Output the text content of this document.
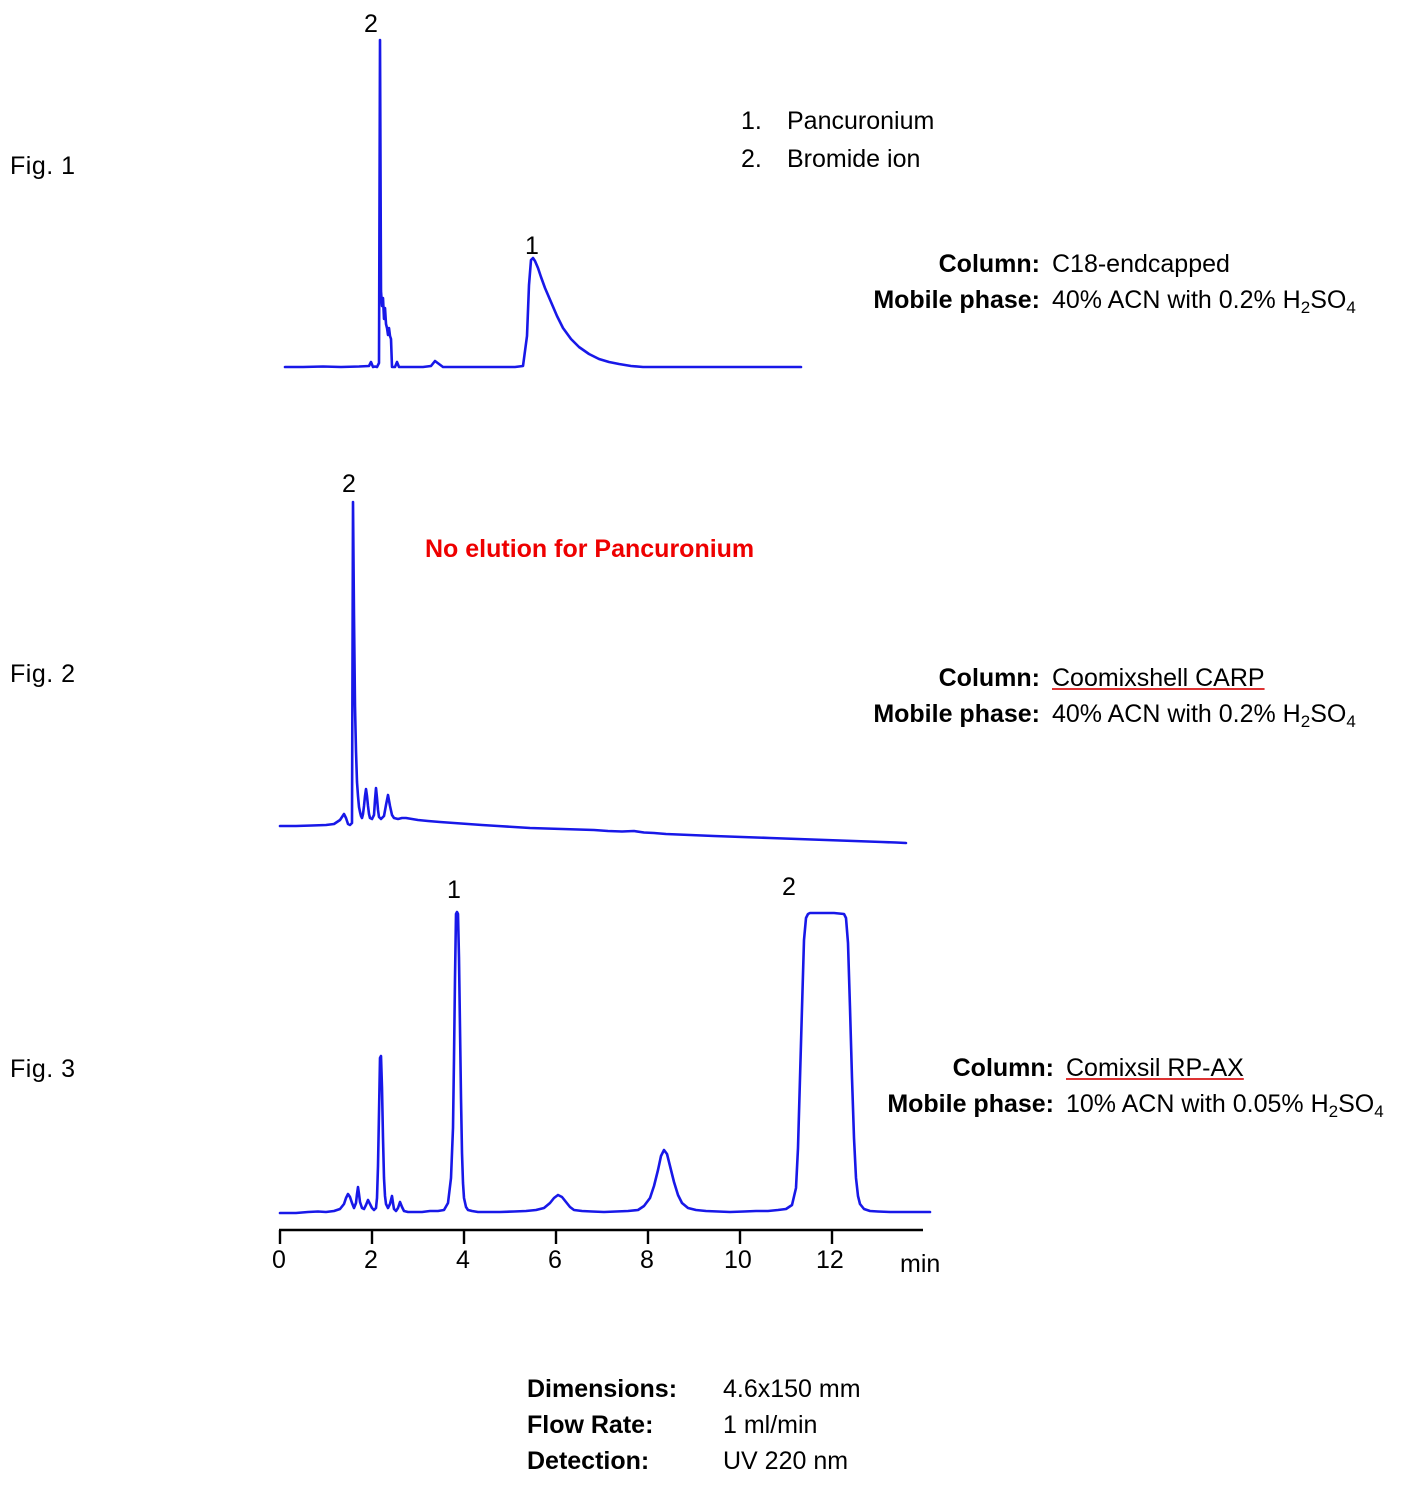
Fig. 1
1.	Pancuronium
2.	Bromide ion
Column: C18-endcapped
Mobile phase: 40% ACN with 0.2% $H_2SO_4$
2
1
Fig. 2
No elution for Pancuronium
Column: Coomixshell CARP
Mobile phase: 40% ACN with 0.2% $H_2SO_4$
2
Fig. 3	Column: Comixsil RP-AX
Mobile phase: 10% ACN with 0.05% $H_2SO_4$
1	2
0	2	4	6	8	10	12 min
Dimensions:	4.6x150 mm
Flow Rate:	1 ml/min
Detection:	UV 220 nm
